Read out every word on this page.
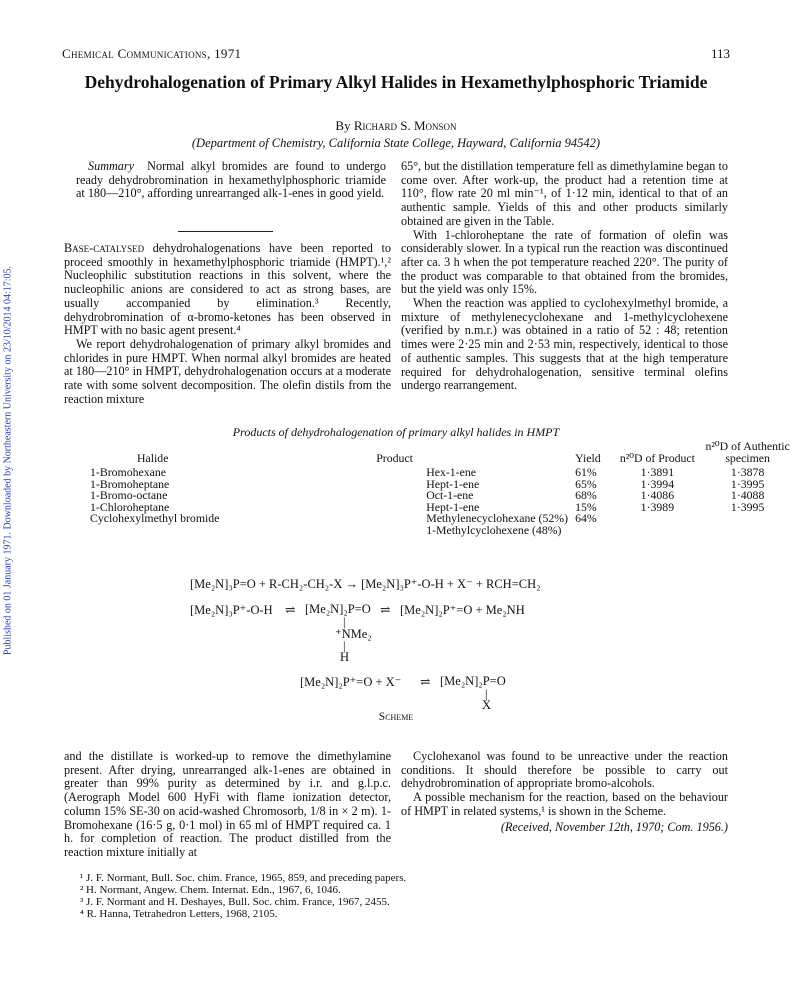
Published on 01 January 1971. Downloaded by Northeastern University on 23/10/2014 04:17:05.
Chemical Communications, 1971	113
Dehydrohalogenation of Primary Alkyl Halides in Hexamethylphosphoric Triamide
By Richard S. Monson
(Department of Chemistry, California State College, Hayward, California 94542)

Summary Normal alkyl bromides are found to undergo ready dehydrobromination in hexamethylphosphoric triamide at 180—210°, affording unrearranged alk-1-enes in good yield.

Base-catalysed dehydrohalogenations have been reported to proceed smoothly in hexamethylphosphoric triamide (HMPT).¹,² Nucleophilic substitution reactions in this solvent, where the nucleophilic anions are considered to act as strong bases, are usually accompanied by elimination.³ Recently, dehydrobromination of α-bromo-ketones has been observed in HMPT with no basic agent present.⁴

We report dehydrohalogenation of primary alkyl bromides and chlorides in pure HMPT. When normal alkyl bromides are heated at 180—210° in HMPT, dehydrohalogenation occurs at a moderate rate with some solvent decomposition. The olefin distils from the reaction mixture

65°, but the distillation temperature fell as dimethylamine began to come over. After work-up, the product had a retention time at 110°, flow rate 20 ml min⁻¹, of 1·12 min, identical to that of an authentic sample. Yields of this and other products similarly obtained are given in the Table.

With 1-chloroheptane the rate of formation of olefin was considerably slower. In a typical run the reaction was discontinued after ca. 3 h when the pot temperature reached 220°. The purity of the product was comparable to that obtained from the bromides, but the yield was only 15%.

When the reaction was applied to cyclohexylmethyl bromide, a mixture of methylenecyclohexane and 1-methylcyclohexene (verified by n.m.r.) was obtained in a ratio of 52 : 48; retention times were 2·25 min and 2·53 min, respectively, identical to those of authentic samples. This suggests that at the high temperature required for dehydrohalogenation, sensitive terminal olefins undergo rearrangement.

Products of dehydrohalogenation of primary alkyl halides in HMPT
Halide	Product	Yield	n²⁰D of Product	n²⁰D of Authentic
specimen

1-Bromohexane	Hex-1-ene	61%	1·3891	1·3878
1-Bromoheptane	Hept-1-ene	65%	1·3994	1·3995
1-Bromo-octane	Oct-1-ene	68%	1·4086	1·4088
1-Chloroheptane	Hept-1-ene	15%	1·3989	1·3995
Cyclohexylmethyl bromide	Methylenecyclohexane (52%)	64%		
	1-Methylcyclohexene (48%)			
[Me₂N]₃P=O + R-CH₂-CH₂-X → [Me₂N]₃P⁺-O-H + X⁻ + RCH=CH₂
[Me₂N]₃P⁺-O-H ⇌ [Me₂N]₂P=O ⇌ [Me₂N]₂P⁺=O + Me₂NH
|
⁺NMe₂
|
H
[Me₂N]₂P⁺=O + X⁻ ⇌ [Me₂N]₂P=O
|
X
Scheme

and the distillate is worked-up to remove the dimethylamine present. After drying, unrearranged alk-1-enes are obtained in greater than 99% purity as determined by i.r. and g.l.p.c. (Aerograph Model 600 HyFi with flame ionization detector, column 15% SE-30 on acid-washed Chromosorb, 1/8 in × 2 m). 1-Bromohexane (16·5 g, 0·1 mol) in 65 ml of HMPT required ca. 1 h. for completion of reaction. The product distilled from the reaction mixture initially at

Cyclohexanol was found to be unreactive under the reaction conditions. It should therefore be possible to carry out dehydrobromination of appropriate bromo-alcohols.

A possible mechanism for the reaction, based on the behaviour of HMPT in related systems,¹ is shown in the Scheme.

(Received, November 12th, 1970; Com. 1956.)
¹ J. F. Normant, Bull. Soc. chim. France, 1965, 859, and preceding papers.
² H. Normant, Angew. Chem. Internat. Edn., 1967, 6, 1046.
³ J. F. Normant and H. Deshayes, Bull. Soc. chim. France, 1967, 2455.
⁴ R. Hanna, Tetrahedron Letters, 1968, 2105.
